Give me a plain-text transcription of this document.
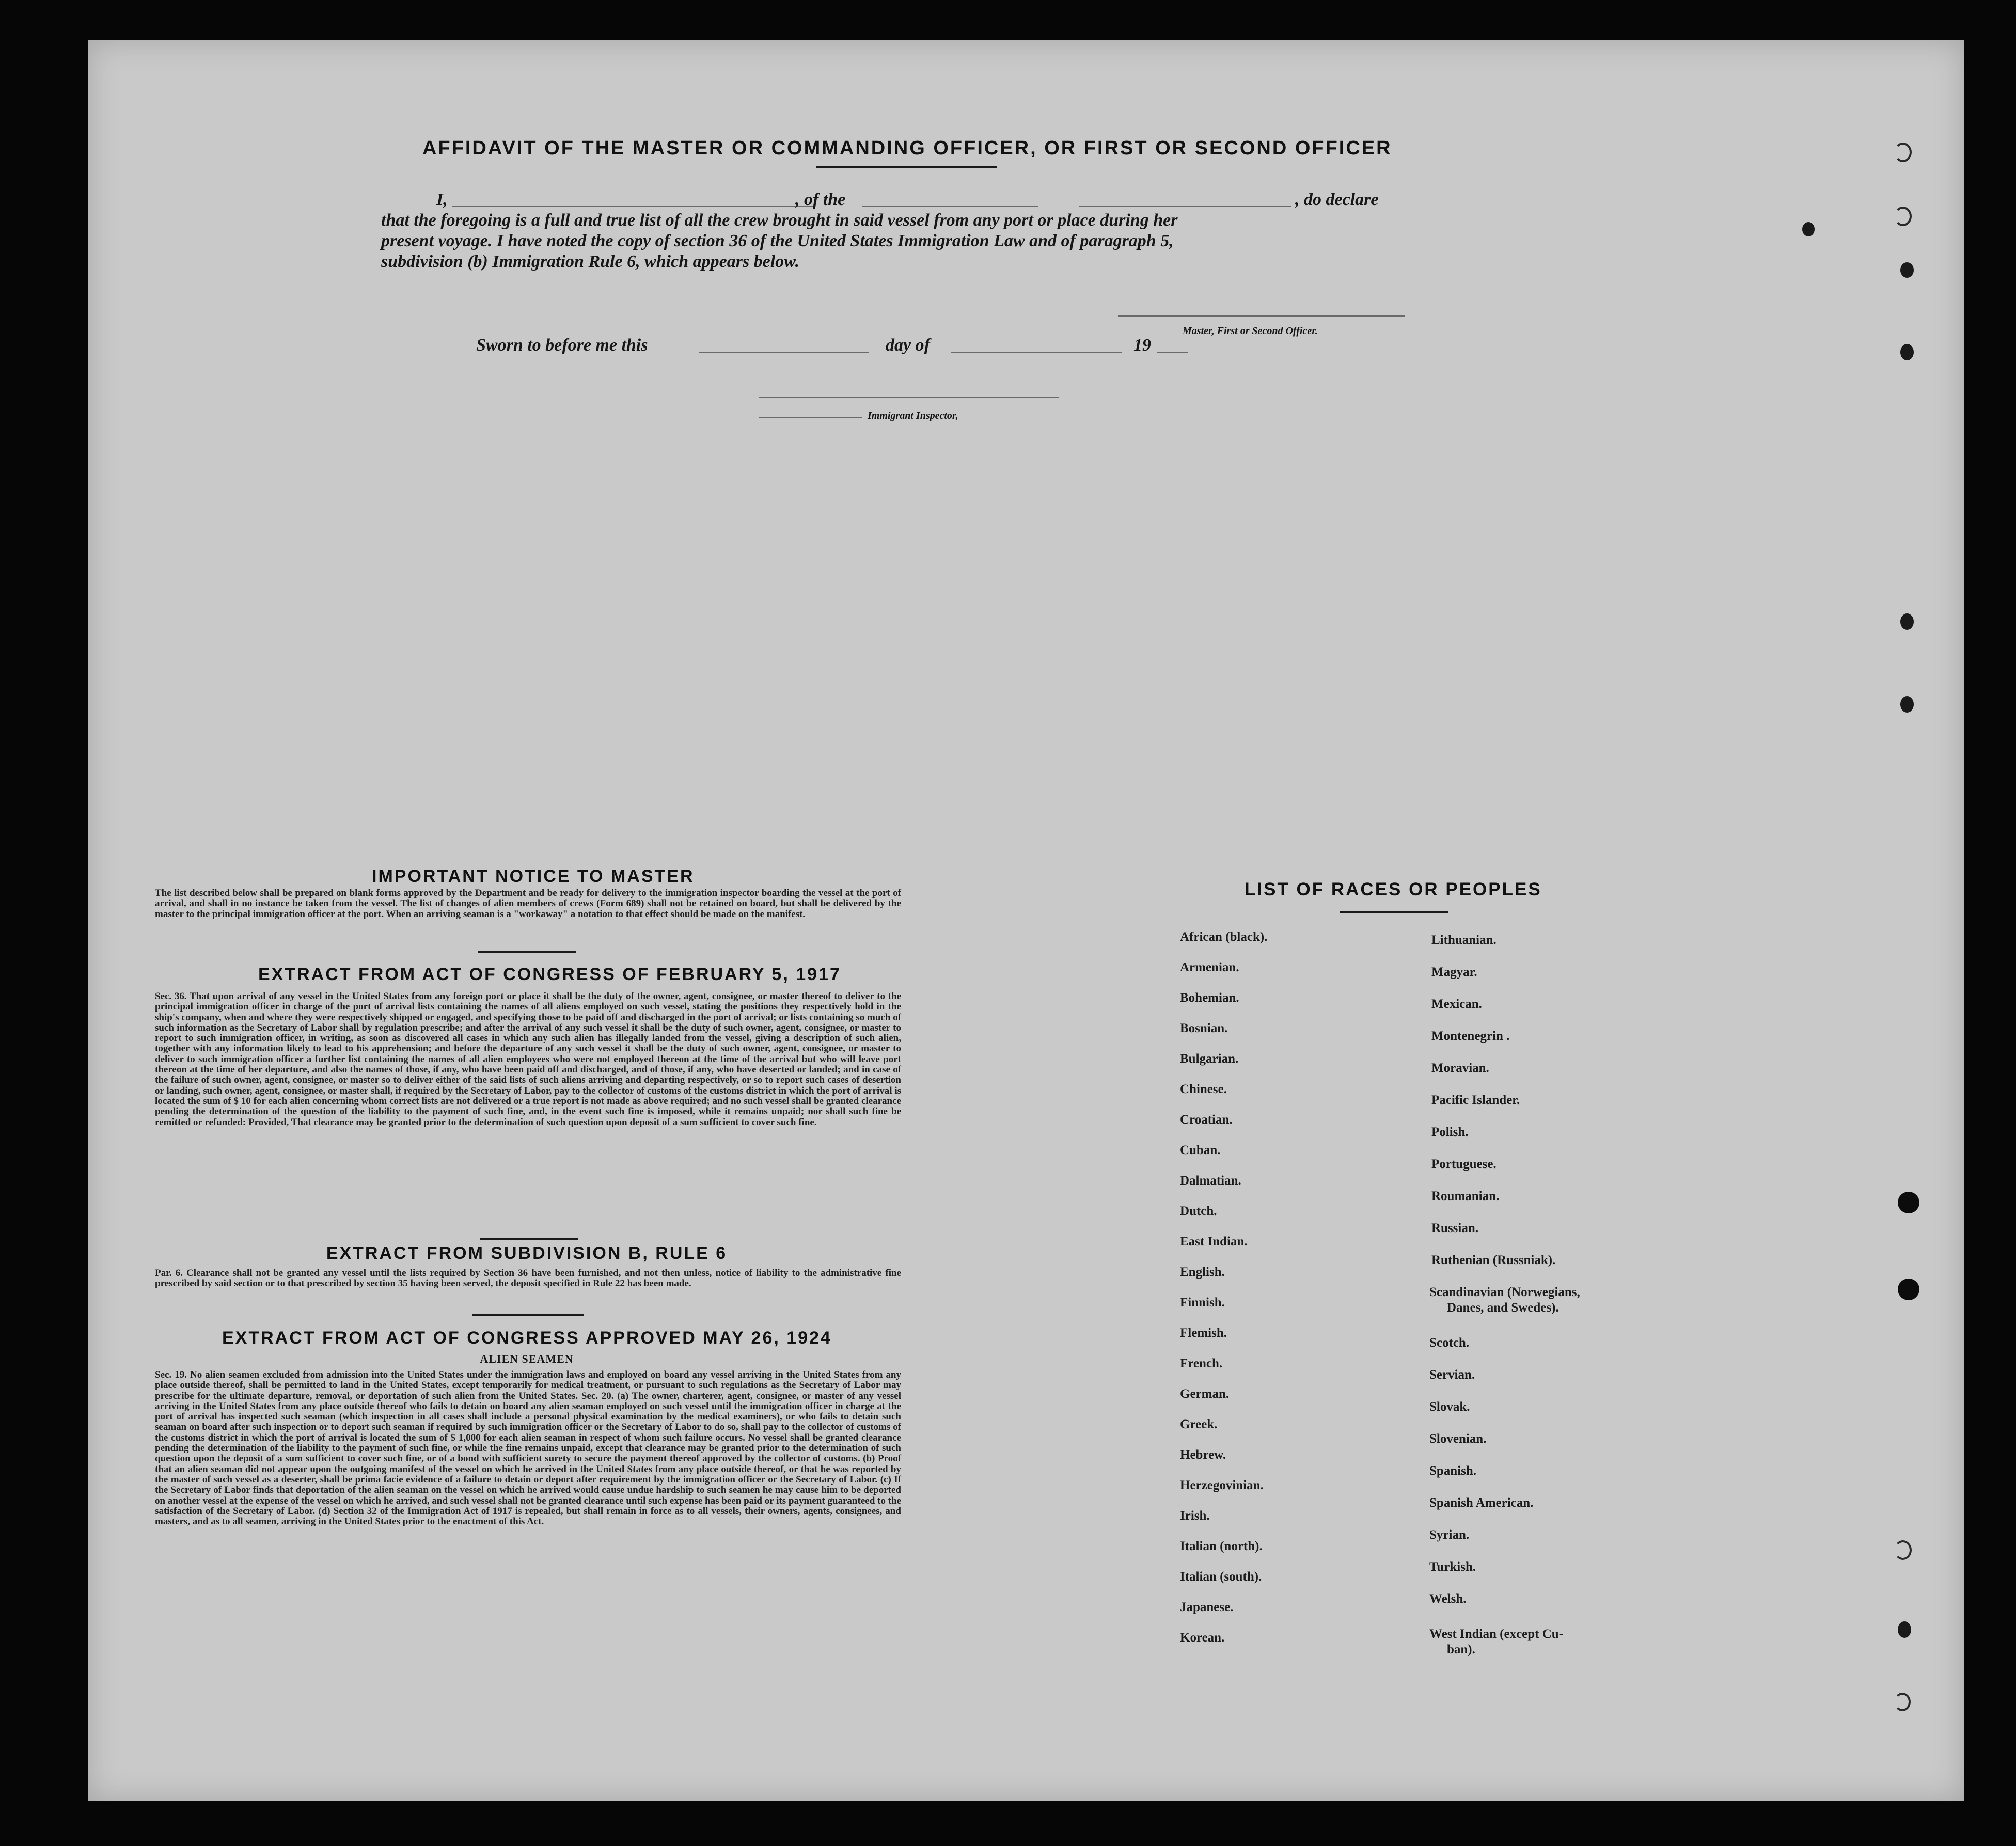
AFFIDAVIT OF THE MASTER OR COMMANDING OFFICER, OR FIRST OR SECOND OFFICER
I,	, of the	, do declare
that the foregoing is a full and true list of all the crew brought in said vessel from any port or place during her
present voyage. I have noted the copy of section 36 of the United States Immigration Law and of paragraph 5,
subdivision (b) Immigration Rule 6, which appears below.
Master, First or Second Officer.
Sworn to before me this	day of	19
Immigrant Inspector,
IMPORTANT NOTICE TO MASTER

The list described below shall be prepared on blank forms approved by the Department and be ready for delivery to the immigration inspector boarding the vessel at the port of arrival, and shall in no instance be taken from the vessel. The list of changes of alien members of crews (Form 689) shall not be retained on board, but shall be delivered by the master to the principal immigration officer at the port. When an arriving seaman is a "workaway" a notation to that effect should be made on the manifest.

EXTRACT FROM ACT OF CONGRESS OF FEBRUARY 5, 1917

Sec. 36. That upon arrival of any vessel in the United States from any foreign port or place it shall be the duty of the owner, agent, consignee, or master thereof to deliver to the principal immigration officer in charge of the port of arrival lists containing the names of all aliens employed on such vessel, stating the positions they respectively hold in the ship's company, when and where they were respectively shipped or engaged, and specifying those to be paid off and discharged in the port of arrival; or lists containing so much of such information as the Secretary of Labor shall by regulation prescribe; and after the arrival of any such vessel it shall be the duty of such owner, agent, consignee, or master to report to such immigration officer, in writing, as soon as discovered all cases in which any such alien has illegally landed from the vessel, giving a description of such alien, together with any information likely to lead to his apprehension; and before the departure of any such vessel it shall be the duty of such owner, agent, consignee, or master to deliver to such immigration officer a further list containing the names of all alien employees who were not employed thereon at the time of the arrival but who will leave port thereon at the time of her departure, and also the names of those, if any, who have been paid off and discharged, and of those, if any, who have deserted or landed; and in case of the failure of such owner, agent, consignee, or master so to deliver either of the said lists of such aliens arriving and departing respectively, or so to report such cases of desertion or landing, such owner, agent, consignee, or master shall, if required by the Secretary of Labor, pay to the collector of customs of the customs district in which the port of arrival is located the sum of $ 10 for each alien concerning whom correct lists are not delivered or a true report is not made as above required; and no such vessel shall be granted clearance pending the determination of the question of the liability to the payment of such fine, and, in the event such fine is imposed, while it remains unpaid; nor shall such fine be remitted or refunded: Provided, That clearance may be granted prior to the determination of such question upon deposit of a sum sufficient to cover such fine.

EXTRACT FROM SUBDIVISION B, RULE 6

Par. 6. Clearance shall not be granted any vessel until the lists required by Section 36 have been furnished, and not then unless, notice of liability to the administrative fine prescribed by said section or to that prescribed by section 35 having been served, the deposit specified in Rule 22 has been made.

EXTRACT FROM ACT OF CONGRESS APPROVED MAY 26, 1924
ALIEN SEAMEN

Sec. 19. No alien seamen excluded from admission into the United States under the immigration laws and employed on board any vessel arriving in the United States from any place outside thereof, shall be permitted to land in the United States, except temporarily for medical treatment, or pursuant to such regulations as the Secretary of Labor may prescribe for the ultimate departure, removal, or deportation of such alien from the United States. Sec. 20. (a) The owner, charterer, agent, consignee, or master of any vessel arriving in the United States from any place outside thereof who fails to detain on board any alien seaman employed on such vessel until the immigration officer in charge at the port of arrival has inspected such seaman (which inspection in all cases shall include a personal physical examination by the medical examiners), or who fails to detain such seaman on board after such inspection or to deport such seaman if required by such immigration officer or the Secretary of Labor to do so, shall pay to the collector of customs of the customs district in which the port of arrival is located the sum of $ 1,000 for each alien seaman in respect of whom such failure occurs. No vessel shall be granted clearance pending the determination of the liability to the payment of such fine, or while the fine remains unpaid, except that clearance may be granted prior to the determination of such question upon the deposit of a sum sufficient to cover such fine, or of a bond with sufficient surety to secure the payment thereof approved by the collector of customs. (b) Proof that an alien seaman did not appear upon the outgoing manifest of the vessel on which he arrived in the United States from any place outside thereof, or that he was reported by the master of such vessel as a deserter, shall be prima facie evidence of a failure to detain or deport after requirement by the immigration officer or the Secretary of Labor. (c) If the Secretary of Labor finds that deportation of the alien seaman on the vessel on which he arrived would cause undue hardship to such seamen he may cause him to be deported on another vessel at the expense of the vessel on which he arrived, and such vessel shall not be granted clearance until such expense has been paid or its payment guaranteed to the satisfaction of the Secretary of Labor. (d) Section 32 of the Immigration Act of 1917 is repealed, but shall remain in force as to all vessels, their owners, agents, consignees, and masters, and as to all seamen, arriving in the United States prior to the enactment of this Act.

LIST OF RACES OR PEOPLES
African (black).
Armenian.
Bohemian.
Bosnian.
Bulgarian.
Chinese.
Croatian.
Cuban.
Dalmatian.
Dutch.
East Indian.
English.
Finnish.
Flemish.
French.
German.
Greek.
Hebrew.
Herzegovinian.
Irish.
Italian (north).
Italian (south).
Japanese.
Korean.
Lithuanian.
Magyar.
Mexican.
Montenegrin .
Moravian.
Pacific Islander.
Polish.
Portuguese.
Roumanian.
Russian.
Ruthenian (Russniak).
Scandinavian (Norwegians,
Danes, and Swedes).
Scotch.
Servian.
Slovak.
Slovenian.
Spanish.
Spanish American.
Syrian.
Turkish.
Welsh.
West Indian (except Cu-
ban).
